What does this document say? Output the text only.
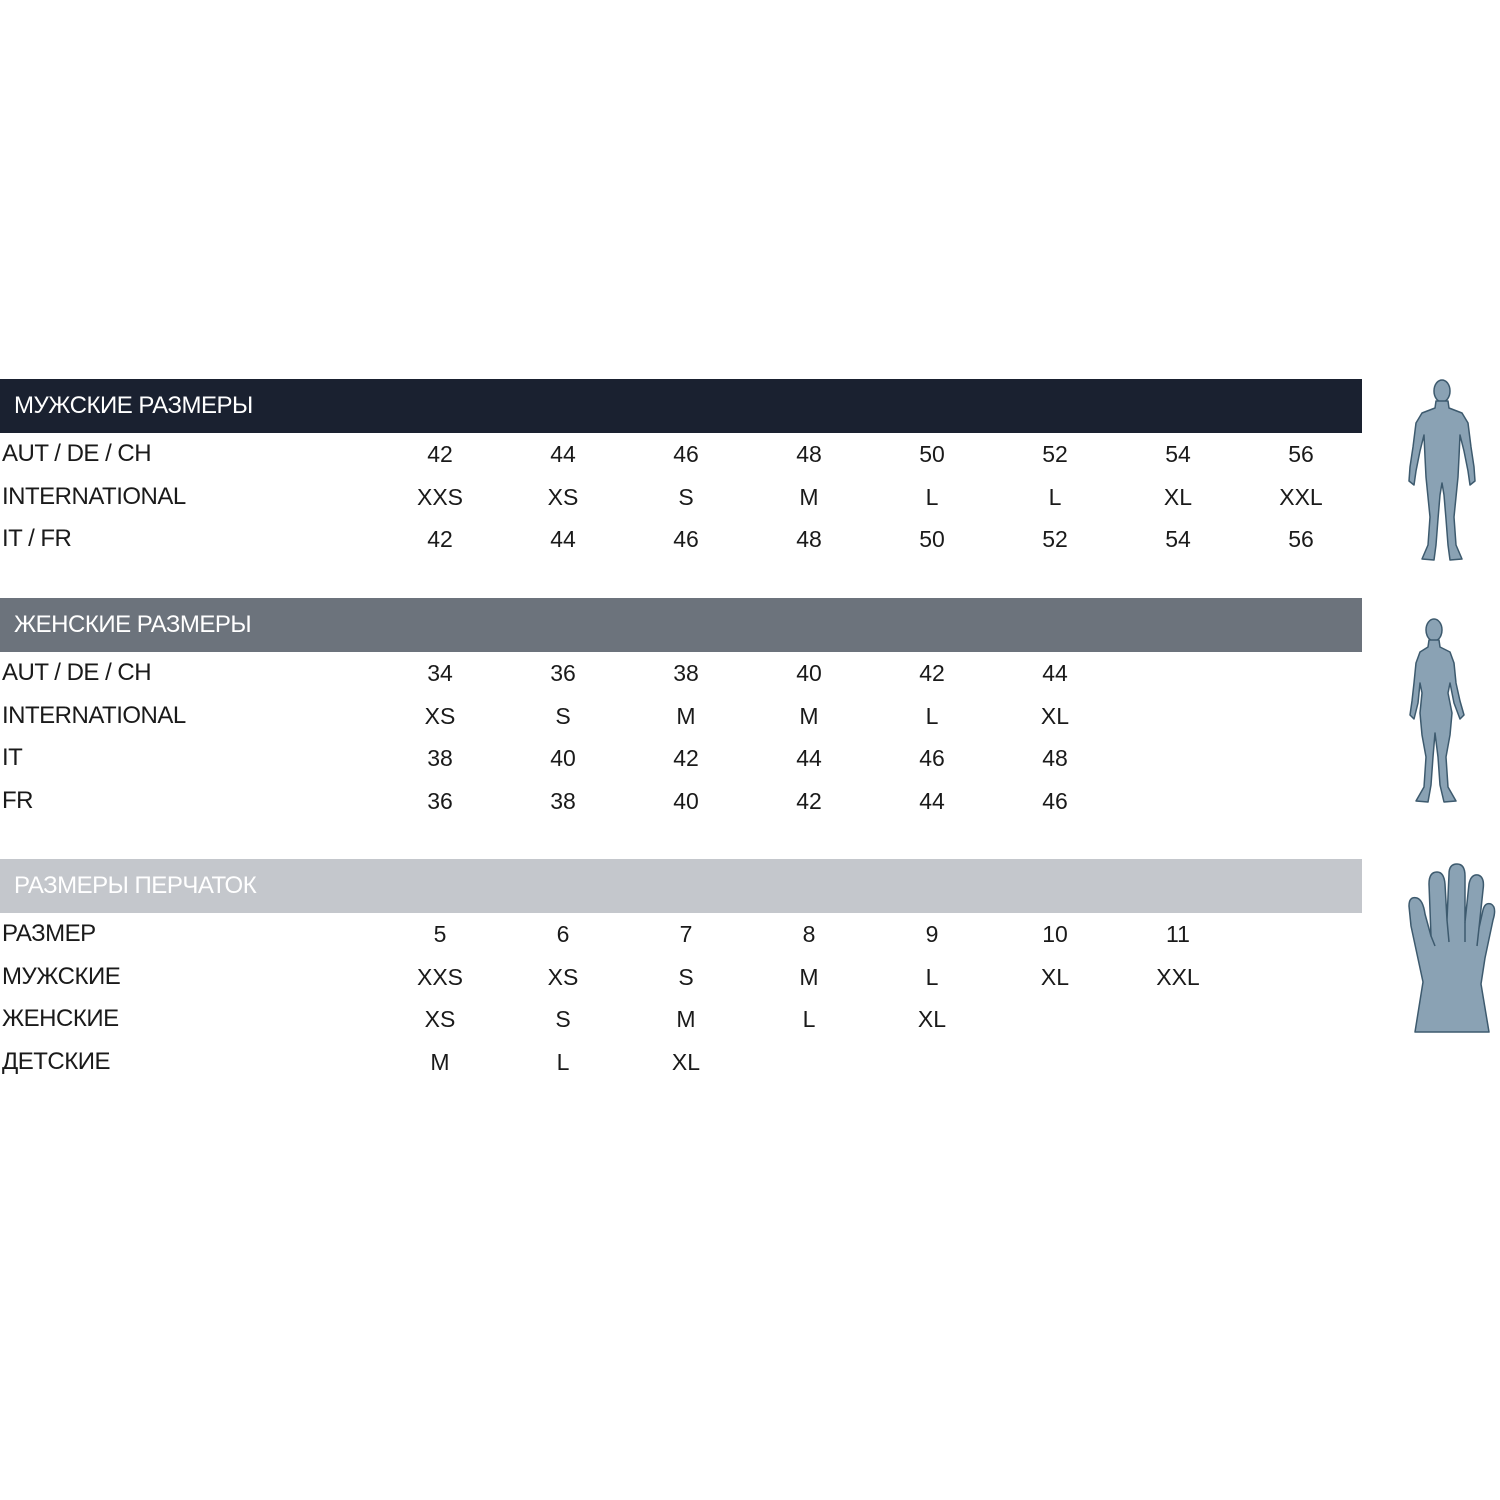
МУЖСКИЕ РАЗМЕРЫ
AUT / DE / CH	42	44	46	48	50	52	54	56
INTERNATIONAL	XXS	XS	S	M	L	L	XL	XXL
IT / FR	42	44	46	48	50	52	54	56
ЖЕНСКИЕ РАЗМЕРЫ
AUT / DE / CH	34	36	38	40	42	44
INTERNATIONAL	XS	S	M	M	L	XL
IT	38	40	42	44	46	48
FR	36	38	40	42	44	46
РАЗМЕРЫ ПЕРЧАТОК
РАЗМЕР	5	6	7	8	9	10	11
МУЖСКИЕ	XXS	XS	S	M	L	XL	XXL
ЖЕНСКИЕ	XS	S	M	L	XL
ДЕТСКИЕ	M	L	XL
